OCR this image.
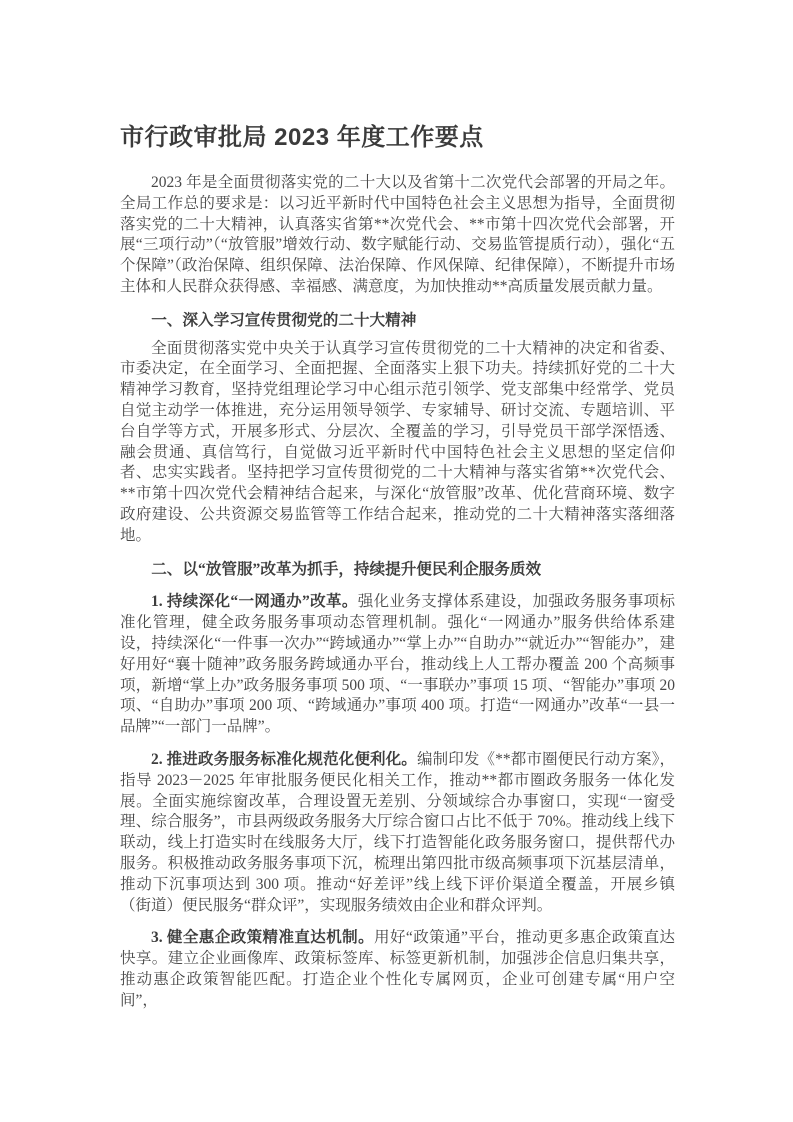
市行政审批局 2023 年度工作要点

2023 年是全面贯彻落实党的二十大以及省第十二次党代会部署的开局之年。全局工作总的要求是：以习近平新时代中国特色社会主义思想为指导，全面贯彻落实党的二十大精神，认真落实省第**次党代会、**市第十四次党代会部署，开展“三项行动”（“放管服”增效行动、数字赋能行动、交易监管提质行动），强化“五个保障”（政治保障、组织保障、法治保障、作风保障、纪律保障），不断提升市场主体和人民群众获得感、幸福感、满意度，为加快推动**高质量发展贡献力量。

一、深入学习宣传贯彻党的二十大精神

全面贯彻落实党中央关于认真学习宣传贯彻党的二十大精神的决定和省委、市委决定，在全面学习、全面把握、全面落实上狠下功夫。持续抓好党的二十大精神学习教育，坚持党组理论学习中心组示范引领学、党支部集中经常学、党员自觉主动学一体推进，充分运用领导领学、专家辅导、研讨交流、专题培训、平台自学等方式，开展多形式、分层次、全覆盖的学习，引导党员干部学深悟透、融会贯通、真信笃行，自觉做习近平新时代中国特色社会主义思想的坚定信仰者、忠实实践者。坚持把学习宣传贯彻党的二十大精神与落实省第**次党代会、**市第十四次党代会精神结合起来，与深化“放管服”改革、优化营商环境、数字政府建设、公共资源交易监管等工作结合起来，推动党的二十大精神落实落细落地。

二、以“放管服”改革为抓手，持续提升便民利企服务质效

1. 持续深化“一网通办”改革。强化业务支撑体系建设，加强政务服务事项标准化管理，健全政务服务事项动态管理机制。强化“一网通办”服务供给体系建设，持续深化“一件事一次办”“跨域通办”“掌上办”“自助办”“就近办”“智能办”，建好用好“襄十随神”政务服务跨域通办平台，推动线上人工帮办覆盖 200 个高频事项，新增“掌上办”政务服务事项 500 项、“一事联办”事项 15 项、“智能办”事项 20 项、“自助办”事项 200 项、“跨域通办”事项 400 项。打造“一网通办”改革“一县一品牌”“一部门一品牌”。

2. 推进政务服务标准化规范化便利化。编制印发《**都市圈便民行动方案》，指导 2023－2025 年审批服务便民化相关工作，推动**都市圈政务服务一体化发展。全面实施综窗改革，合理设置无差别、分领域综合办事窗口，实现“一窗受理、综合服务”，市县两级政务服务大厅综合窗口占比不低于 70%。推动线上线下联动，线上打造实时在线服务大厅，线下打造智能化政务服务窗口，提供帮代办服务。积极推动政务服务事项下沉，梳理出第四批市级高频事项下沉基层清单，推动下沉事项达到 300 项。推动“好差评”线上线下评价渠道全覆盖，开展乡镇（街道）便民服务“群众评”，实现服务绩效由企业和群众评判。

3. 健全惠企政策精准直达机制。用好“政策通”平台，推动更多惠企政策直达快享。建立企业画像库、政策标签库、标签更新机制，加强涉企信息归集共享，推动惠企政策智能匹配。打造企业个性化专属网页，企业可创建专属“用户空间”，
